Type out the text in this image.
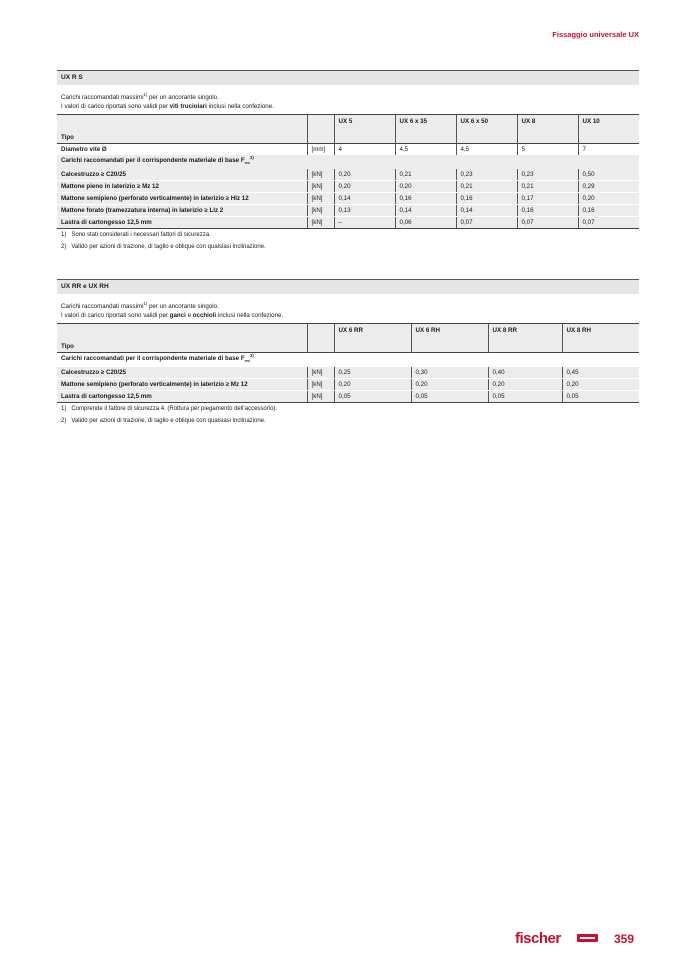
Fissaggio universale UX
UX R S
Carichi raccomandati massimi$^{1)}$ per un ancorante singolo.
I valori di carico riportati sono validi per viti truciolari inclusi nella confezione.
		UX 5	UX 6 x 35	UX 6 x 50	UX 8	UX 10
Tipo						
Diametro vite Ø	[mm]	4	4,5	4,5	5	7
Carichi raccomandati per il corrispondente materiale di base $F_{rec}^{2)}$
Calcestruzzo ≥ C20/25	[kN]	0,20	0,21	0,23	0,23	0,50
Mattone pieno in laterizio ≥ Mz 12	[kN]	0,20	0,20	0,21	0,21	0,29
Mattone semipieno (perforato verticalmente) in laterizio ≥ Hlz 12	[kN]	0,14	0,16	0,16	0,17	0,20
Mattone forato (tramezzatura interna) in laterizio ≥ Llz 2	[kN]	0,13	0,14	0,14	0,16	0,16
Lastra di cartongesso 12,5 mm	[kN]	–	0,06	0,07	0,07	0,07
1)   Sono stati considerati i necessari fattori di sicurezza.
2)   Valido per azioni di trazione, di taglio e oblique con qualsiasi inclinazione.
UX RR e UX RH
Carichi raccomandati massimi$^{1)}$ per un ancorante singolo.
I valori di carico riportati sono validi per ganci e occhioli inclusi nella confezione.
		UX 6 RR	UX 6 RH	UX 8 RR	UX 8 RH
Tipo					
Carichi raccomandati per il corrispondente materiale di base $F_{rec}^{2)}$
Calcestruzzo ≥ C20/25	[kN]	0,25	0,30	0,40	0,45
Mattone semipieno (perforato verticalmente) in laterizio ≥ Mz 12	[kN]	0,20	0,20	0,20	0,20
Lastra di cartongesso 12,5 mm	[kN]	0,05	0,05	0,05	0,05
1)   Comprende il fattore di sicurezza 4. (Rottura per piegamento dell’accessorio).
2)   Valido per azioni di trazione, di taglio e oblique con qualsiasi inclinazione.
fischer	359
